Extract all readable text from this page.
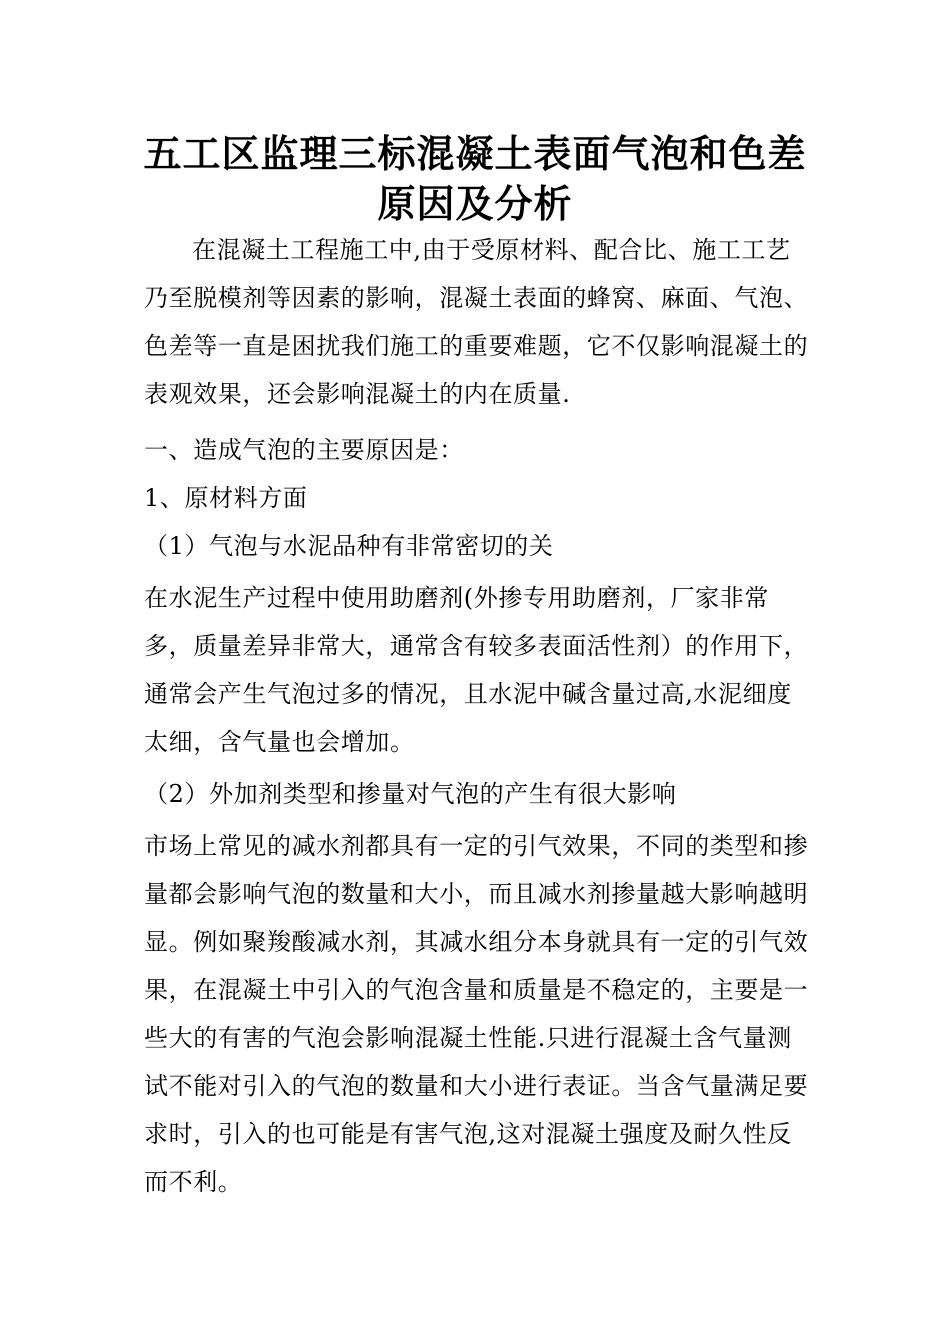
五工区监理三标混凝土表面气泡和色差
原因及分析
在混凝土工程施工中,由于受原材料、配合比、施工工艺乃至脱模剂等因素的影响，混凝土表面的蜂窝、麻面、气泡、色差等一直是困扰我们施工的重要难题，它不仅影响混凝土的表观效果，还会影响混凝土的内在质量.
一、造成气泡的主要原因是：
1、原材料方面
（1）气泡与水泥品种有非常密切的关
在水泥生产过程中使用助磨剂(外掺专用助磨剂，厂家非常多，质量差异非常大，通常含有较多表面活性剂）的作用下，通常会产生气泡过多的情况，且水泥中碱含量过高,水泥细度太细，含气量也会增加。
（2）外加剂类型和掺量对气泡的产生有很大影响
市场上常见的减水剂都具有一定的引气效果，不同的类型和掺量都会影响气泡的数量和大小，而且减水剂掺量越大影响越明显。例如聚羧酸减水剂，其减水组分本身就具有一定的引气效果，在混凝土中引入的气泡含量和质量是不稳定的，主要是一些大的有害的气泡会影响混凝土性能.只进行混凝土含气量测试不能对引入的气泡的数量和大小进行表证。当含气量满足要求时，引入的也可能是有害气泡,这对混凝土强度及耐久性反而不利。
